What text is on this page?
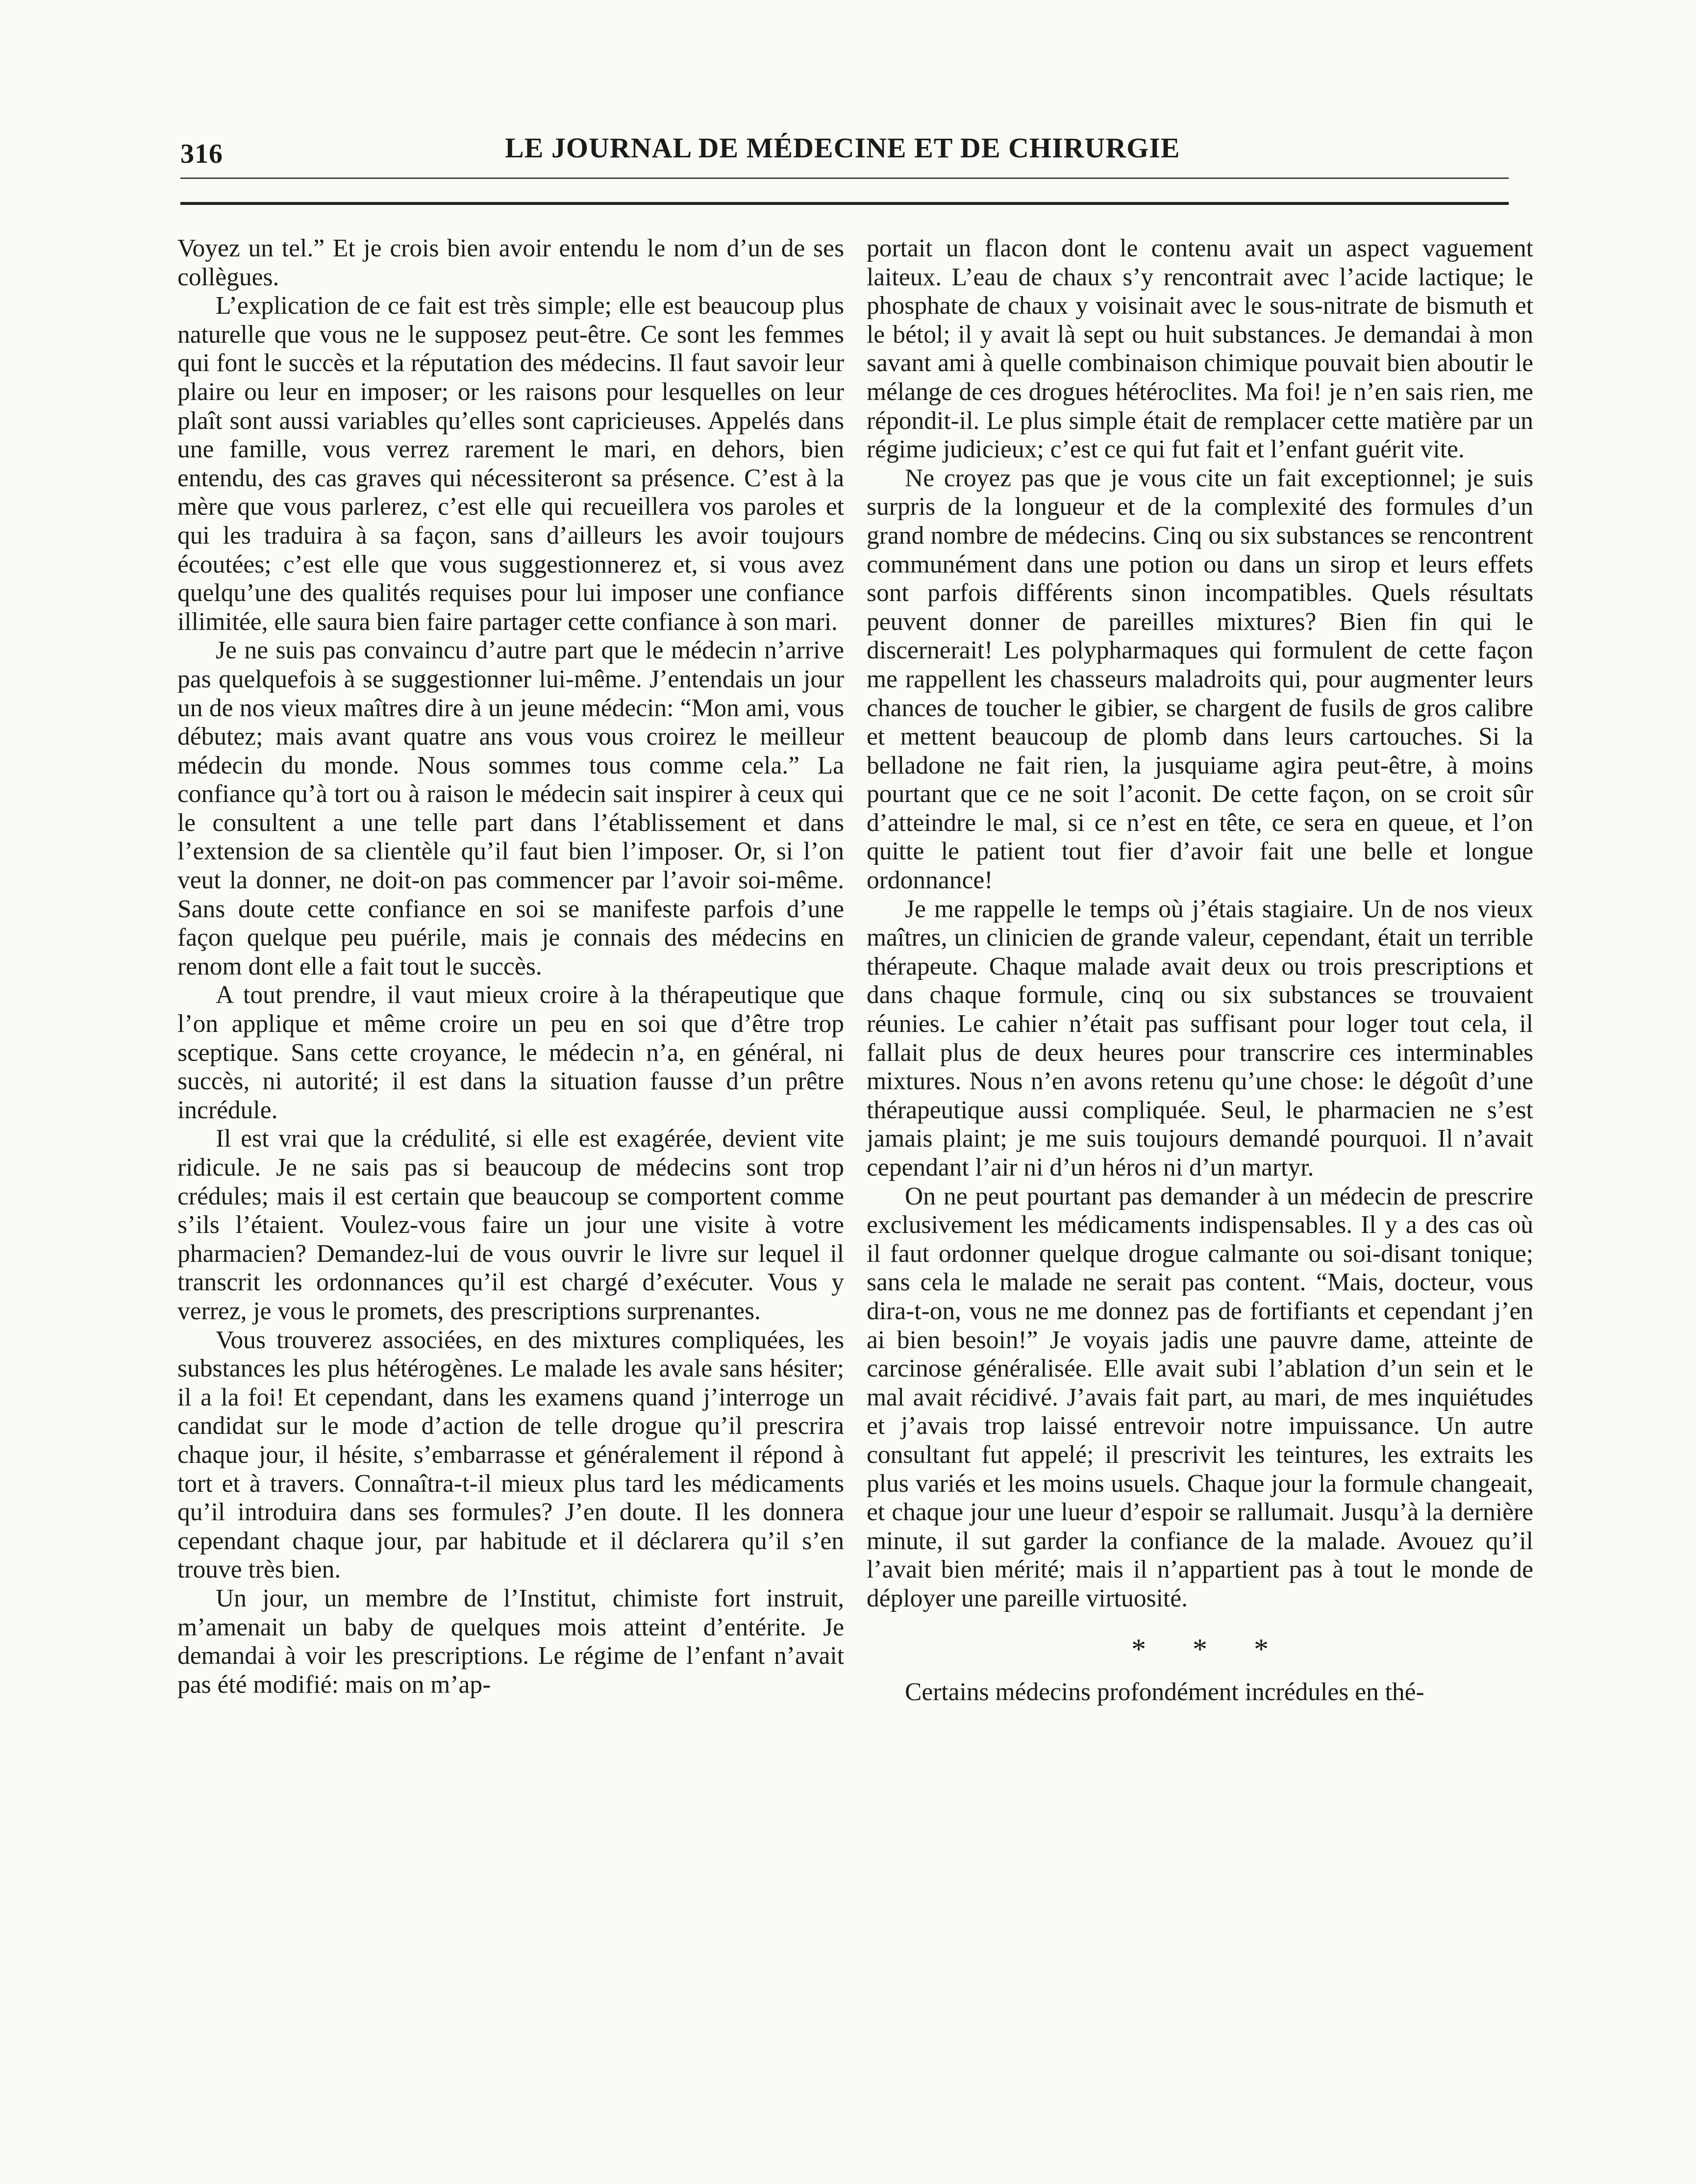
316	LE JOURNAL DE MÉDECINE ET DE CHIRURGIE

Voyez un tel.” Et je crois bien avoir entendu le nom d’un de ses collègues.

L’explication de ce fait est très simple; elle est beaucoup plus naturelle que vous ne le supposez peut-être. Ce sont les femmes qui font le succès et la réputation des médecins. Il faut savoir leur plaire ou leur en imposer; or les raisons pour lesquelles on leur plaît sont aussi variables qu’elles sont capricieuses. Appelés dans une famille, vous verrez rarement le mari, en dehors, bien entendu, des cas graves qui nécessiteront sa présence. C’est à la mère que vous parlerez, c’est elle qui recueillera vos paroles et qui les traduira à sa façon, sans d’ailleurs les avoir toujours écoutées; c’est elle que vous suggestionnerez et, si vous avez quelqu’une des qualités requises pour lui imposer une confiance illimitée, elle saura bien faire partager cette confiance à son mari.

Je ne suis pas convaincu d’autre part que le médecin n’arrive pas quelquefois à se suggestionner lui-même. J’entendais un jour un de nos vieux maîtres dire à un jeune médecin: “Mon ami, vous débutez; mais avant quatre ans vous vous croirez le meilleur médecin du monde. Nous sommes tous comme cela.” La confiance qu’à tort ou à raison le médecin sait inspirer à ceux qui le consultent a une telle part dans l’établissement et dans l’extension de sa clientèle qu’il faut bien l’imposer. Or, si l’on veut la donner, ne doit-on pas commencer par l’avoir soi-même. Sans doute cette confiance en soi se manifeste parfois d’une façon quelque peu puérile, mais je connais des médecins en renom dont elle a fait tout le succès.

A tout prendre, il vaut mieux croire à la thérapeutique que l’on applique et même croire un peu en soi que d’être trop sceptique. Sans cette croyance, le médecin n’a, en général, ni succès, ni autorité; il est dans la situation fausse d’un prêtre incrédule.

Il est vrai que la crédulité, si elle est exagérée, devient vite ridicule. Je ne sais pas si beaucoup de médecins sont trop crédules; mais il est certain que beaucoup se comportent comme s’ils l’étaient. Voulez-vous faire un jour une visite à votre pharmacien? Demandez-lui de vous ouvrir le livre sur lequel il transcrit les ordonnances qu’il est chargé d’exécuter. Vous y verrez, je vous le promets, des prescriptions surprenantes.

Vous trouverez associées, en des mixtures compliquées, les substances les plus hétérogènes. Le malade les avale sans hésiter; il a la foi! Et cependant, dans les examens quand j’interroge un candidat sur le mode d’action de telle drogue qu’il prescrira chaque jour, il hésite, s’embarrasse et généralement il répond à tort et à travers. Connaîtra-t-il mieux plus tard les médicaments qu’il introduira dans ses formules? J’en doute. Il les donnera cependant chaque jour, par habitude et il déclarera qu’il s’en trouve très bien.

Un jour, un membre de l’Institut, chimiste fort instruit, m’amenait un baby de quelques mois atteint d’entérite. Je demandai à voir les prescriptions. Le régime de l’enfant n’avait pas été modifié: mais on m’ap-

portait un flacon dont le contenu avait un aspect vaguement laiteux. L’eau de chaux s’y rencontrait avec l’acide lactique; le phosphate de chaux y voisinait avec le sous-nitrate de bismuth et le bétol; il y avait là sept ou huit substances. Je demandai à mon savant ami à quelle combinaison chimique pouvait bien aboutir le mélange de ces drogues hétéroclites. Ma foi! je n’en sais rien, me répondit-il. Le plus simple était de remplacer cette matière par un régime judicieux; c’est ce qui fut fait et l’enfant guérit vite.

Ne croyez pas que je vous cite un fait exceptionnel; je suis surpris de la longueur et de la complexité des formules d’un grand nombre de médecins. Cinq ou six substances se rencontrent communément dans une potion ou dans un sirop et leurs effets sont parfois différents sinon incompatibles. Quels résultats peuvent donner de pareilles mixtures? Bien fin qui le discernerait! Les polypharmaques qui formulent de cette façon me rappellent les chasseurs maladroits qui, pour augmenter leurs chances de toucher le gibier, se chargent de fusils de gros calibre et mettent beaucoup de plomb dans leurs cartouches. Si la belladone ne fait rien, la jusquiame agira peut-être, à moins pourtant que ce ne soit l’aconit. De cette façon, on se croit sûr d’atteindre le mal, si ce n’est en tête, ce sera en queue, et l’on quitte le patient tout fier d’avoir fait une belle et longue ordonnance!

Je me rappelle le temps où j’étais stagiaire. Un de nos vieux maîtres, un clinicien de grande valeur, cependant, était un terrible thérapeute. Chaque malade avait deux ou trois prescriptions et dans chaque formule, cinq ou six substances se trouvaient réunies. Le cahier n’était pas suffisant pour loger tout cela, il fallait plus de deux heures pour transcrire ces interminables mixtures. Nous n’en avons retenu qu’une chose: le dégoût d’une thérapeutique aussi compliquée. Seul, le pharmacien ne s’est jamais plaint; je me suis toujours demandé pourquoi. Il n’avait cependant l’air ni d’un héros ni d’un martyr.

On ne peut pourtant pas demander à un médecin de prescrire exclusivement les médicaments indispensables. Il y a des cas où il faut ordonner quelque drogue calmante ou soi-disant tonique; sans cela le malade ne serait pas content. “Mais, docteur, vous dira-t-on, vous ne me donnez pas de fortifiants et cependant j’en ai bien besoin!” Je voyais jadis une pauvre dame, atteinte de carcinose généralisée. Elle avait subi l’ablation d’un sein et le mal avait récidivé. J’avais fait part, au mari, de mes inquiétudes et j’avais trop laissé entrevoir notre impuissance. Un autre consultant fut appelé; il prescrivit les teintures, les extraits les plus variés et les moins usuels. Chaque jour la formule changeait, et chaque jour une lueur d’espoir se rallumait. Jusqu’à la dernière minute, il sut garder la confiance de la malade. Avouez qu’il l’avait bien mérité; mais il n’appartient pas à tout le monde de déployer une pareille virtuosité.

* * *

Certains médecins profondément incrédules en thé-
